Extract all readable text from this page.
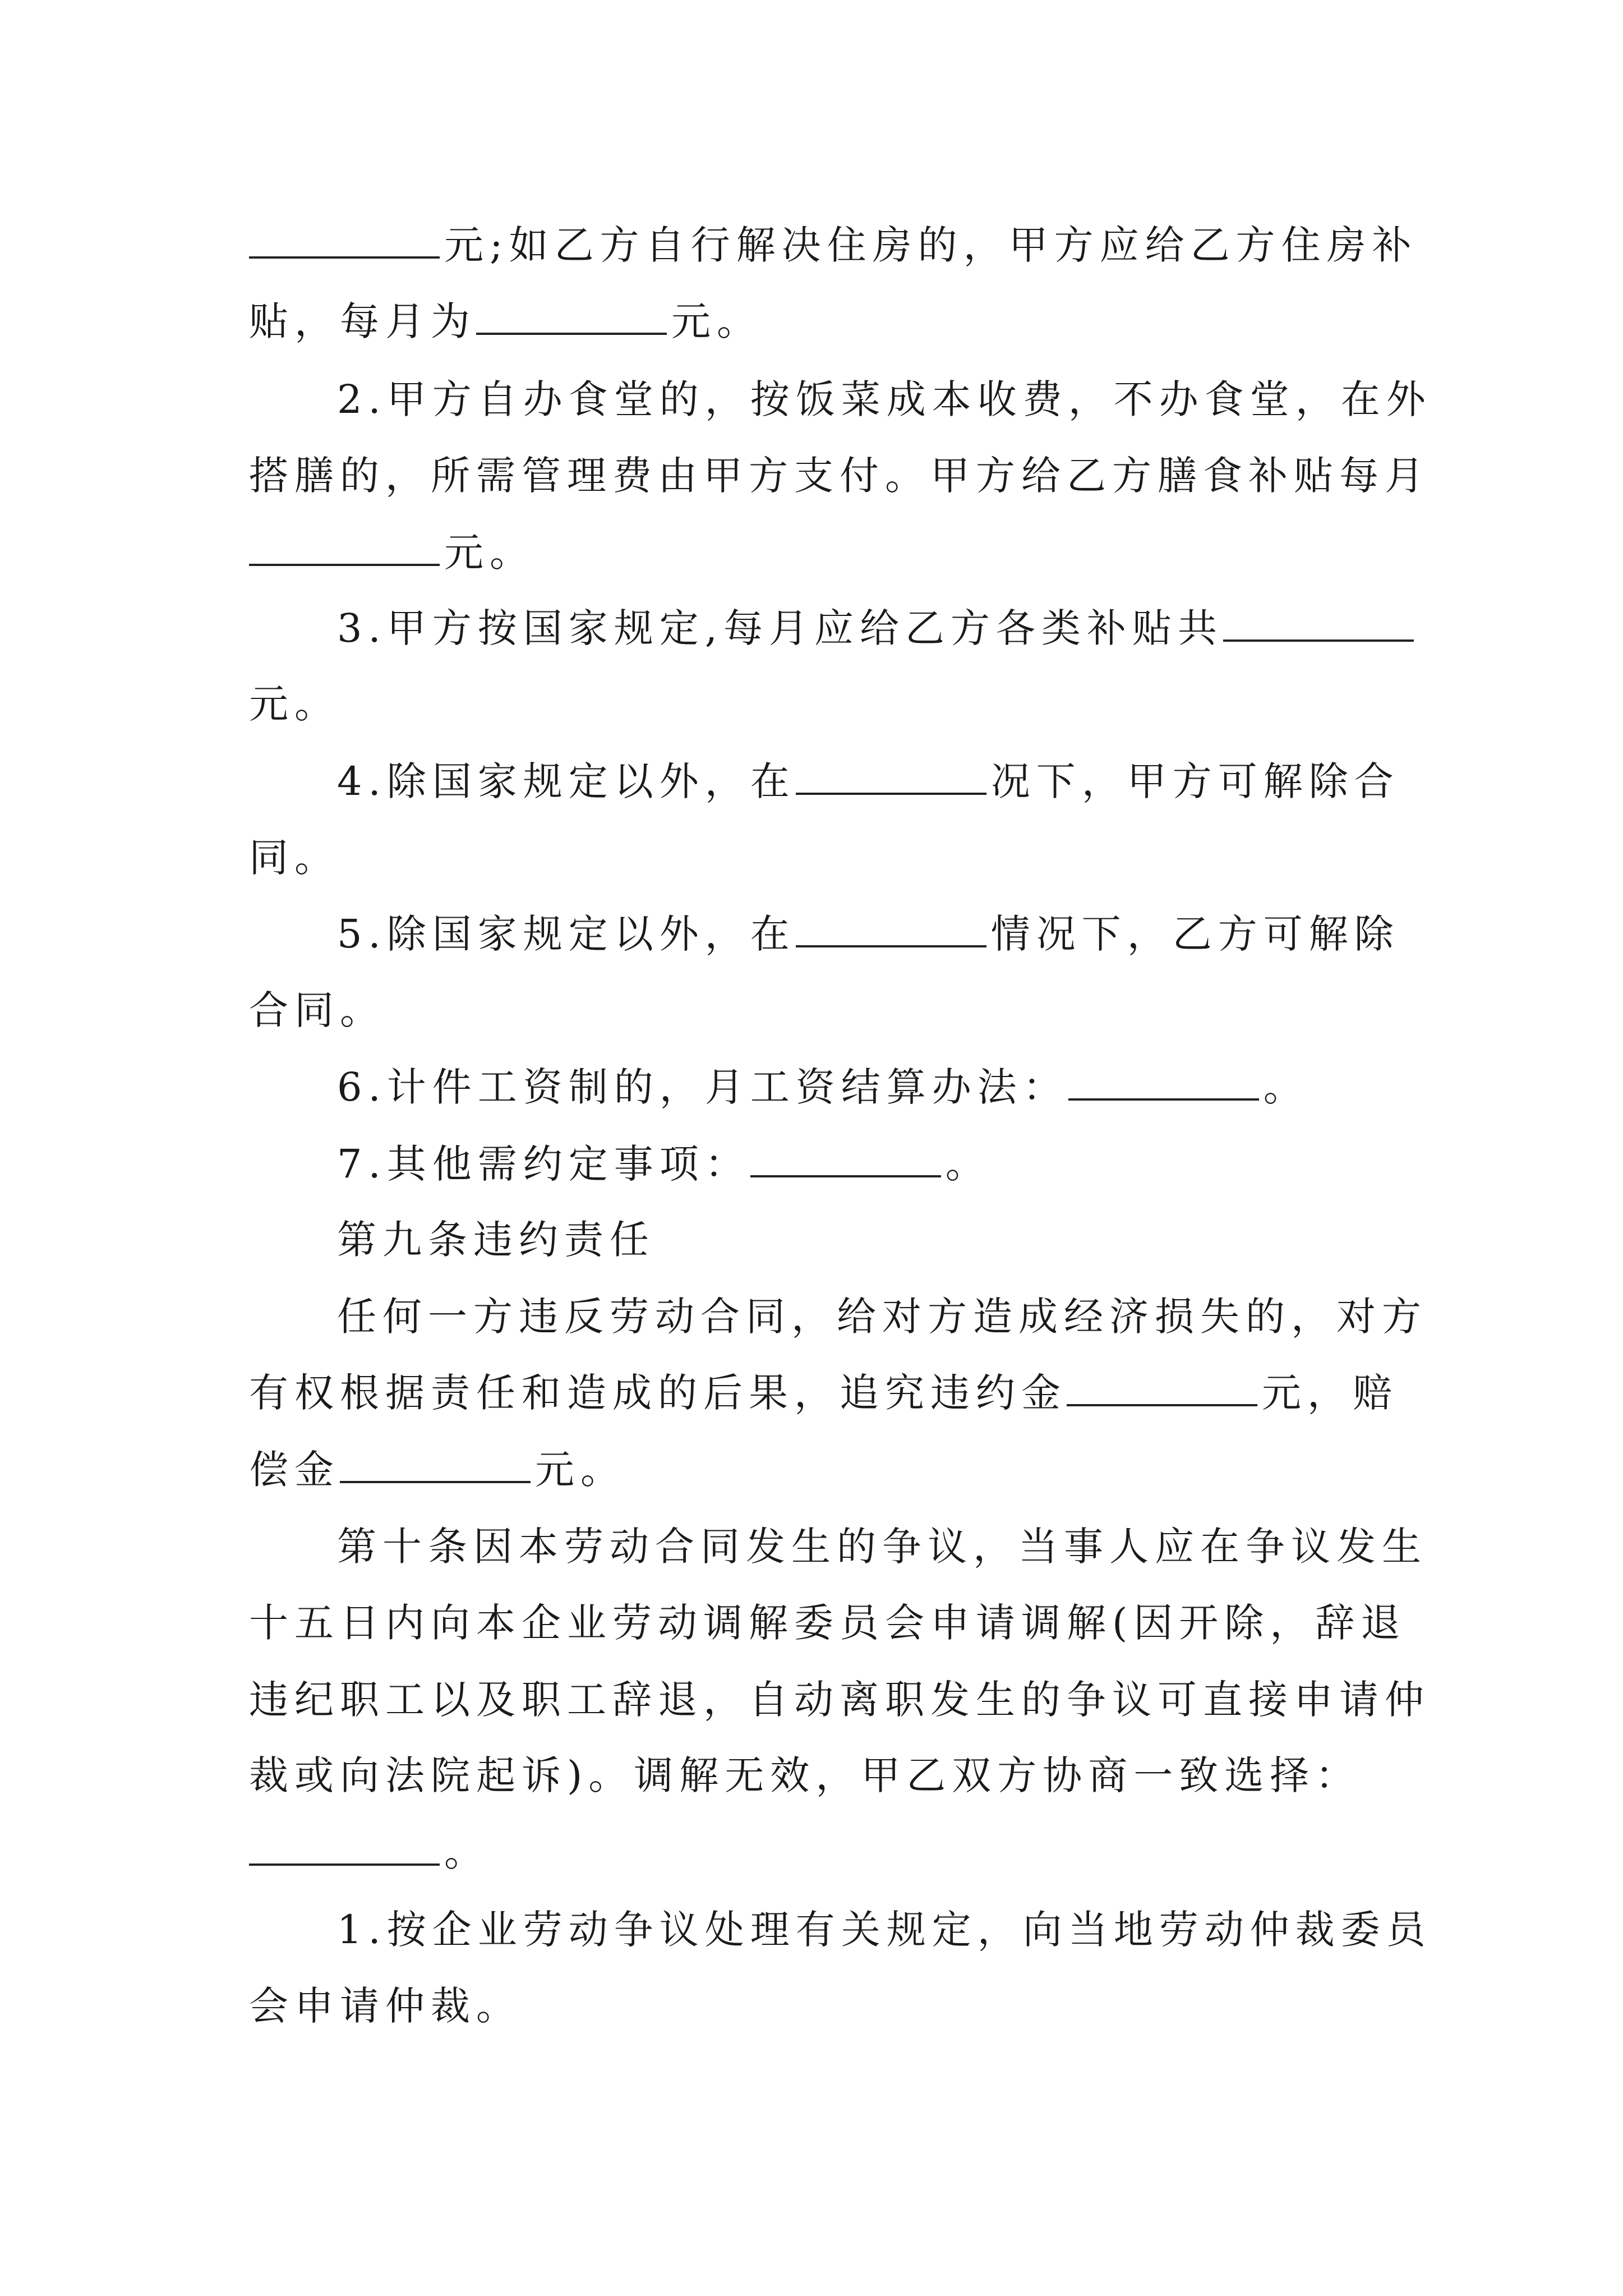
元;如乙方自行解决住房的，甲方应给乙方住房补
贴，每月为	元。
2.甲方自办食堂的，按饭菜成本收费，不办食堂，在外
搭膳的，所需管理费由甲方支付。甲方给乙方膳食补贴每月
元。
3.甲方按国家规定,每月应给乙方各类补贴共
元。
4.除国家规定以外，在	况下，甲方可解除合
同。
5.除国家规定以外，在	情况下，乙方可解除
合同。
6.计件工资制的，月工资结算办法：	。
7.其他需约定事项：	。
第九条违约责任
任何一方违反劳动合同，给对方造成经济损失的，对方
有权根据责任和造成的后果，追究违约金	元，赔
偿金	元。
第十条因本劳动合同发生的争议，当事人应在争议发生
十五日内向本企业劳动调解委员会申请调解(因开除，辞退
违纪职工以及职工辞退，自动离职发生的争议可直接申请仲
裁或向法院起诉)。调解无效，甲乙双方协商一致选择：
。
1.按企业劳动争议处理有关规定，向当地劳动仲裁委员
会申请仲裁。
